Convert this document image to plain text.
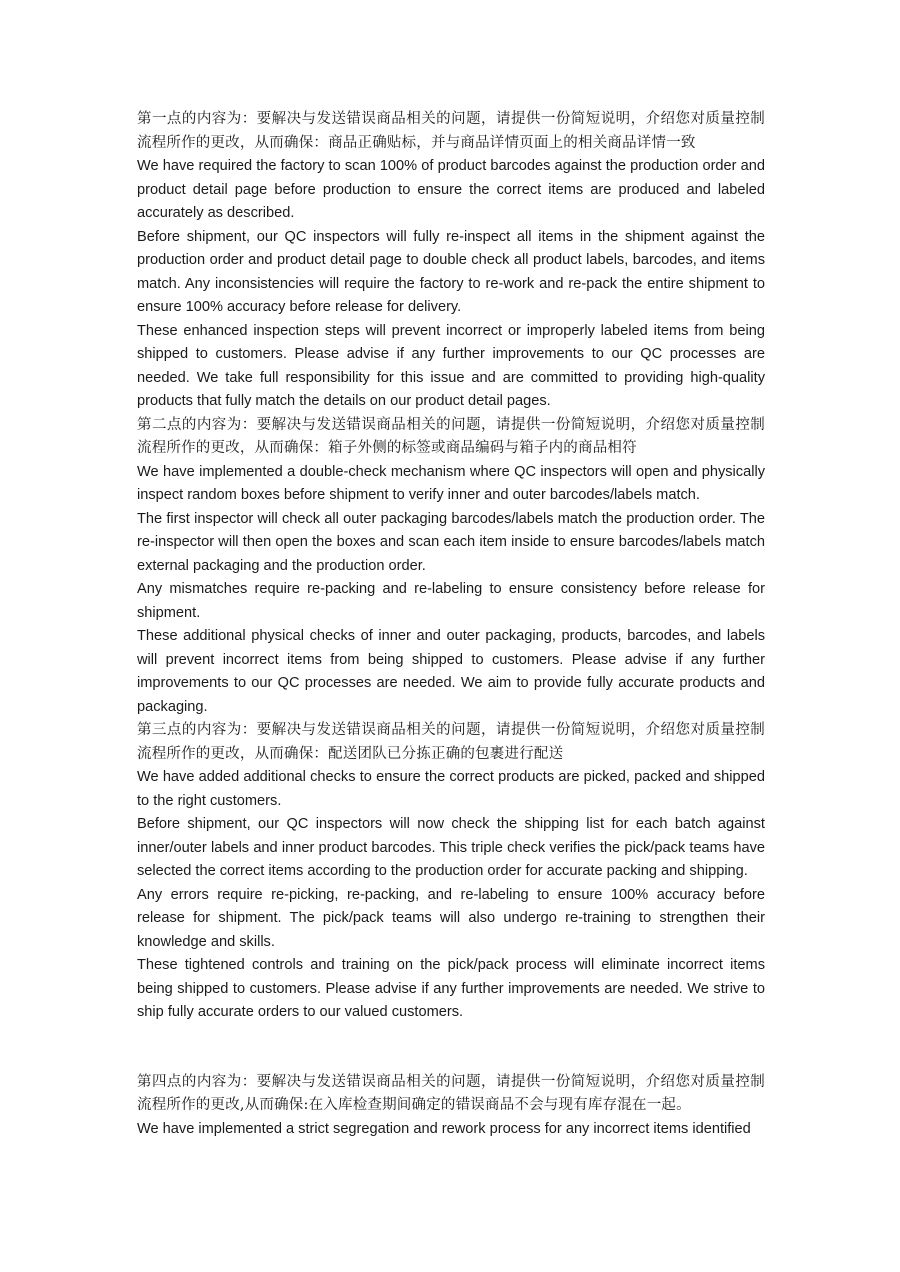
第一点的内容为：要解决与发送错误商品相关的问题，请提供一份简短说明，介绍您对质量控制流程所作的更改，从而确保：商品正确贴标，并与商品详情页面上的相关商品详情一致

We have required the factory to scan 100% of product barcodes against the production order and product detail page before production to ensure the correct items are produced and labeled accurately as described.

Before shipment, our QC inspectors will fully re-inspect all items in the shipment against the production order and product detail page to double check all product labels, barcodes, and items match. Any inconsistencies will require the factory to re-work and re-pack the entire shipment to ensure 100% accuracy before release for delivery.

These enhanced inspection steps will prevent incorrect or improperly labeled items from being shipped to customers. Please advise if any further improvements to our QC processes are needed. We take full responsibility for this issue and are committed to providing high-quality products that fully match the details on our product detail pages.

第二点的内容为：要解决与发送错误商品相关的问题，请提供一份简短说明，介绍您对质量控制流程所作的更改，从而确保：箱子外侧的标签或商品编码与箱子内的商品相符

We have implemented a double-check mechanism where QC inspectors will open and physically inspect random boxes before shipment to verify inner and outer barcodes/labels match.

The first inspector will check all outer packaging barcodes/labels match the production order. The re-inspector will then open the boxes and scan each item inside to ensure barcodes/labels match external packaging and the production order.

Any mismatches require re-packing and re-labeling to ensure consistency before release for shipment.

These additional physical checks of inner and outer packaging, products, barcodes, and labels will prevent incorrect items from being shipped to customers. Please advise if any further improvements to our QC processes are needed. We aim to provide fully accurate products and packaging.

第三点的内容为：要解决与发送错误商品相关的问题，请提供一份简短说明，介绍您对质量控制流程所作的更改，从而确保：配送团队已分拣正确的包裹进行配送

We have added additional checks to ensure the correct products are picked, packed and shipped to the right customers.

Before shipment, our QC inspectors will now check the shipping list for each batch against inner/outer labels and inner product barcodes. This triple check verifies the pick/pack teams have selected the correct items according to the production order for accurate packing and shipping.

Any errors require re-picking, re-packing, and re-labeling to ensure 100% accuracy before release for shipment. The pick/pack teams will also undergo re-training to strengthen their knowledge and skills.

These tightened controls and training on the pick/pack process will eliminate incorrect items being shipped to customers. Please advise if any further improvements are needed. We strive to ship fully accurate orders to our valued customers.

第四点的内容为：要解决与发送错误商品相关的问题，请提供一份简短说明，介绍您对质量控制流程所作的更改,从而确保:在入库检查期间确定的错误商品不会与现有库存混在一起。

We have implemented a strict segregation and rework process for any incorrect items identified
